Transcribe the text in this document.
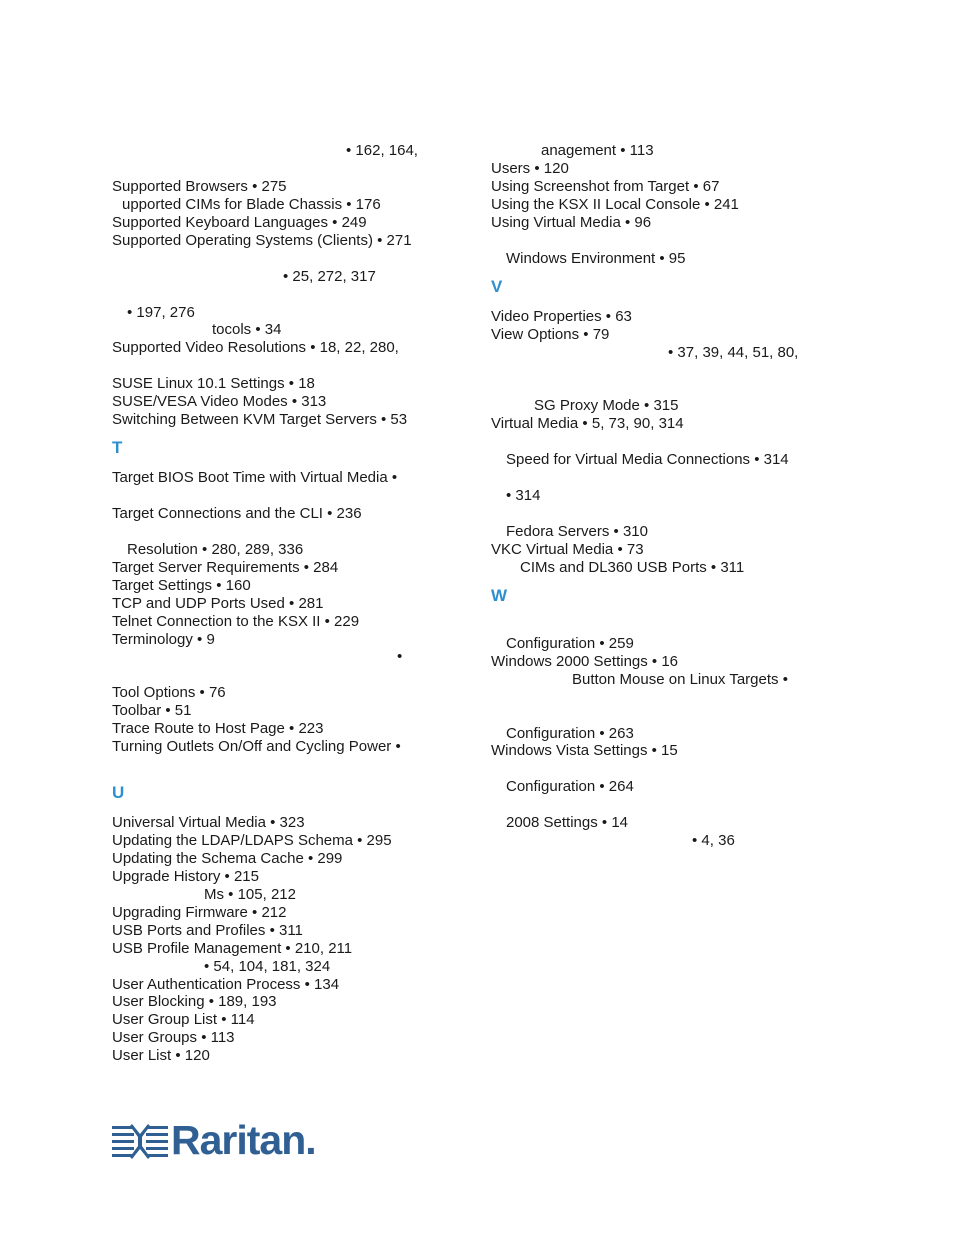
• 162, 164,
Supported Browsers • 275
upported CIMs for Blade Chassis • 176
Supported Keyboard Languages • 249
Supported Operating Systems (Clients) • 271
• 25, 272, 317
• 197, 276
tocols • 34
Supported Video Resolutions • 18, 22, 280,
SUSE Linux 10.1 Settings • 18
SUSE/VESA Video Modes • 313
Switching Between KVM Target Servers • 53
Target BIOS Boot Time with Virtual Media •
Target Connections and the CLI • 236
Resolution • 280, 289, 336
Target Server Requirements • 284
Target Settings • 160
TCP and UDP Ports Used • 281
Telnet Connection to the KSX II • 229
Terminology • 9
•
Tool Options • 76
Toolbar • 51
Trace Route to Host Page • 223
Turning Outlets On/Off and Cycling Power •
Universal Virtual Media • 323
Updating the LDAP/LDAPS Schema • 295
Updating the Schema Cache • 299
Upgrade History • 215
Ms • 105, 212
Upgrading Firmware • 212
USB Ports and Profiles • 311
USB Profile Management • 210, 211
• 54, 104, 181, 324
User Authentication Process • 134
User Blocking • 189, 193
User Group List • 114
User Groups • 113
User List • 120
T
U
anagement • 113
Users • 120
Using Screenshot from Target • 67
Using the KSX II Local Console • 241
Using Virtual Media • 96
Windows Environment • 95
Video Properties • 63
View Options • 79
• 37, 39, 44, 51, 80,
SG Proxy Mode • 315
Virtual Media • 5, 73, 90, 314
Speed for Virtual Media Connections • 314
• 314
Fedora Servers • 310
VKC Virtual Media • 73
CIMs and DL360 USB Ports • 311
Configuration • 259
Windows 2000 Settings • 16
Button Mouse on Linux Targets •
Configuration • 263
Windows Vista Settings • 15
Configuration • 264
2008 Settings • 14
• 4, 36
V
W
Raritan.
